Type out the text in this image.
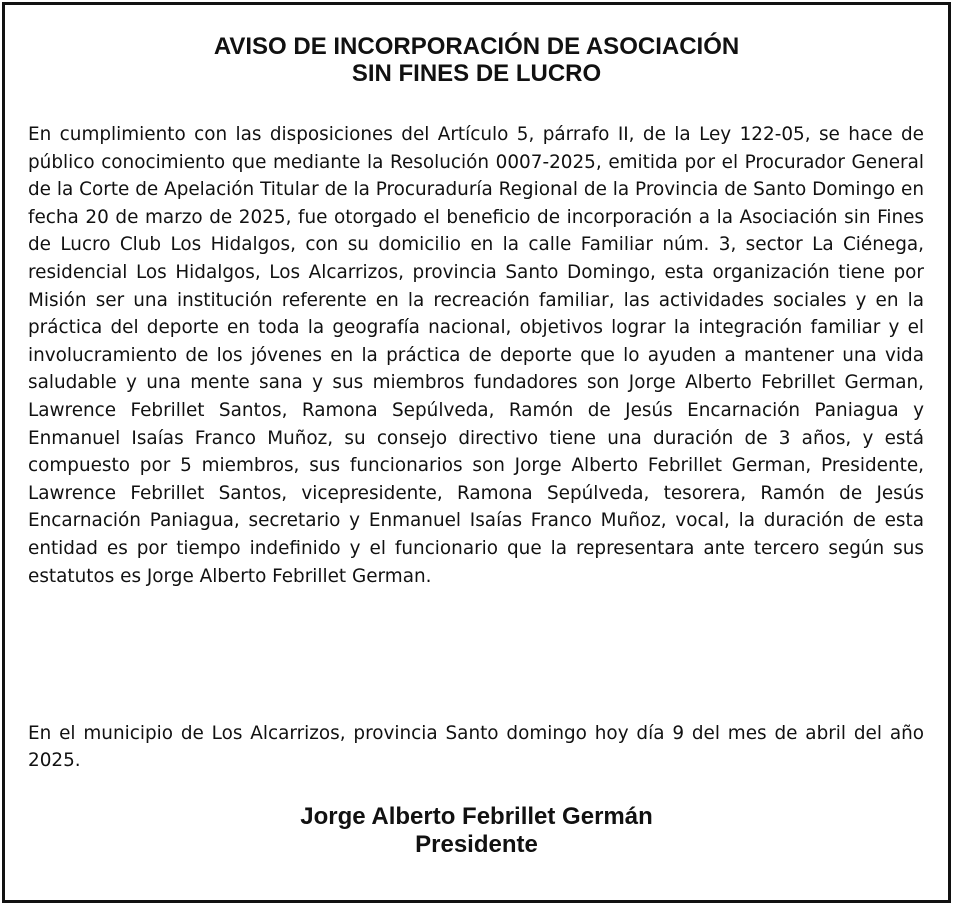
AVISO DE INCORPORACIÓN DE ASOCIACIÓN
SIN FINES DE LUCRO
En cumplimiento con las disposiciones del Artículo 5, párrafo II, de la Ley 122-05, se hace de público conocimiento que mediante la Resolución 0007-2025, emitida por el Procurador General de la Corte de Apelación Titular de la Procuraduría Regional de la Provincia de Santo Domingo en fecha 20 de marzo de 2025, fue otorgado el beneficio de incorporación a la Asociación sin Fines de Lucro Club Los Hidalgos, con su domicilio en la calle Familiar núm. 3, sector La Ciénega, residencial Los Hidalgos, Los Alcarrizos, provincia Santo Domingo, esta organización tiene por Misión ser una institución referente en la recreación familiar, las actividades sociales y en la práctica del deporte en toda la geografía nacional, objetivos lograr la integración familiar y el involucramiento de los jóvenes en la práctica de deporte que lo ayuden a mantener una vida saludable y una mente sana y sus miembros fundadores son Jorge Alberto Febrillet German, Lawrence Febrillet Santos, Ramona Sepúlveda, Ramón de Jesús Encarnación Paniagua y Enmanuel Isaías Franco Muñoz, su consejo directivo tiene una duración de 3 años, y está compuesto por 5 miembros, sus funcionarios son Jorge Alberto Febrillet German, Presidente, Lawrence Febrillet Santos, vicepresidente, Ramona Sepúlveda, tesorera, Ramón de Jesús Encarnación Paniagua, secretario y Enmanuel Isaías Franco Muñoz, vocal, la duración de esta entidad es por tiempo indefinido y el funcionario que la representara ante tercero según sus estatutos es Jorge Alberto Febrillet German.
En el municipio de Los Alcarrizos, provincia Santo domingo hoy día 9 del mes de abril del año 2025.
Jorge Alberto Febrillet Germán
Presidente
